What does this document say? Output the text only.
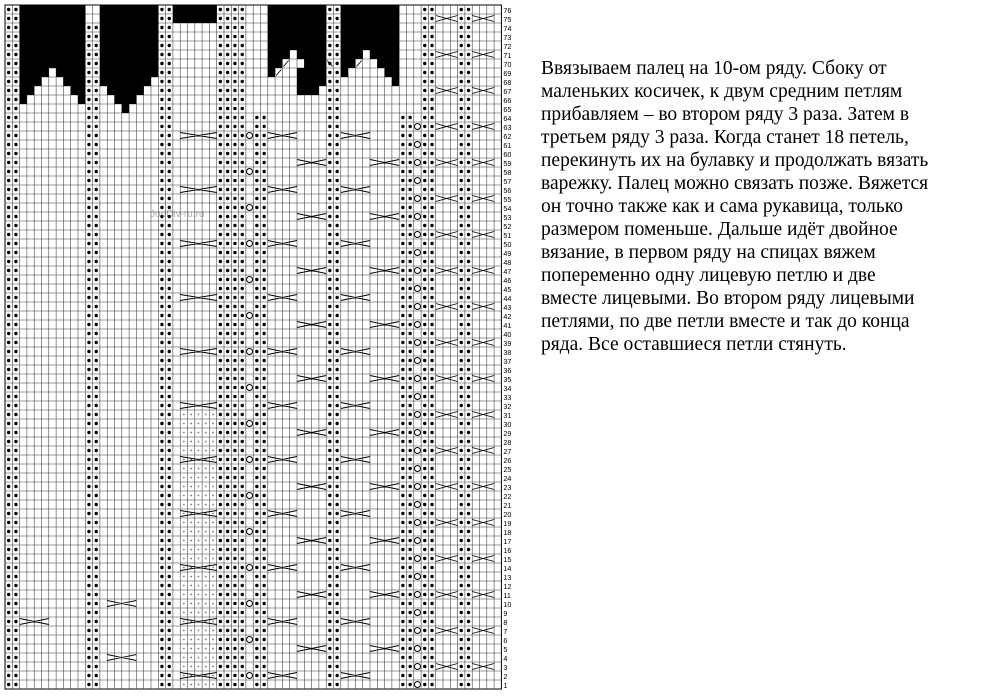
1
2
3
4
5
6
7
8
9
10
11
12
13
14
15
16
17
18
19
20
21
22
23
24
25
26
27
28
29
30
31
32
33
34
35
36
37
38
39
40
41
42
43
44
45
46
47
48
49
50
51
52
53
54
55
56
57
58
59
60
61
62
63
64
65
66
67
68
69
70
71
72
73
74
75
76
JooDiv-ru.ru

Ввязываем палец на 10-ом ряду. Сбоку от маленьких косичек, к двум средним петлям прибавляем – во втором ряду 3 раза. Затем в третьем ряду 3 раза. Когда станет 18 петель, перекинуть их на булавку и продолжать вязать варежку. Палец можно связать позже. Вяжется он точно также как и сама рукавица, только размером поменьше. Дальше идёт двойное вязание, в первом ряду на спицах вяжем попеременно одну лицевую петлю и две вместе лицевыми. Во втором ряду лицевыми петлями, по две петли вместе и так до конца ряда. Все оставшиеся петли стянуть.
